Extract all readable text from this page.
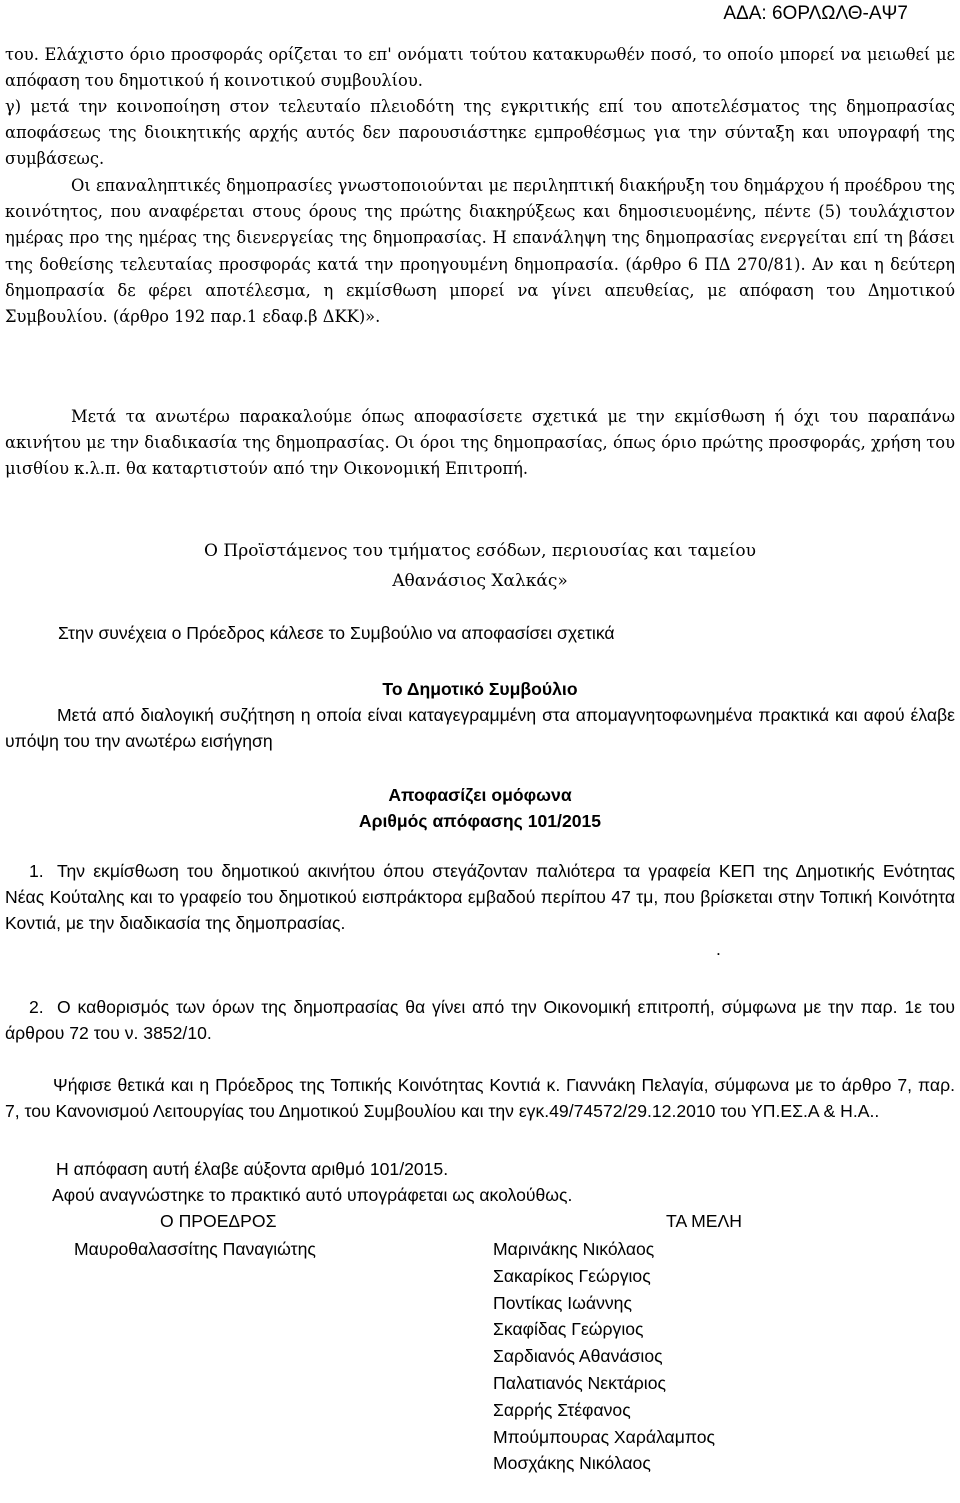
ΑΔΑ: 6ΟΡΛΩΛΘ-ΑΨ7

του. Ελάχιστο όριο προσφοράς ορίζεται το επ' ονόματι τούτου κατακυρωθέν ποσό, το οποίο μπορεί να μειωθεί με απόφαση του δημοτικού ή κοινοτικού συμβουλίου.

γ) μετά την κοινοποίηση στον τελευταίο πλειοδότη της εγκριτικής επί του αποτελέσματος της δημοπρασίας αποφάσεως της διοικητικής αρχής αυτός δεν παρουσιάστηκε εμπροθέσμως για την σύνταξη και υπογραφή της συμβάσεως.

Οι επαναληπτικές δημοπρασίες γνωστοποιούνται με περιληπτική διακήρυξη του δημάρχου ή προέδρου της κοινότητος, που αναφέρεται στους όρους της πρώτης διακηρύξεως και δημοσιευομένης, πέντε (5) τουλάχιστον ημέρας προ της ημέρας της διενεργείας της δημοπρασίας. Η επανάληψη της δημοπρασίας ενεργείται επί τη βάσει της δοθείσης τελευταίας προσφοράς κατά την προηγουμένη δημοπρασία. (άρθρο 6 ΠΔ 270/81). Αν και η δεύτερη δημοπρασία δε φέρει αποτέλεσμα, η εκμίσθωση μπορεί να γίνει απευθείας, με απόφαση του Δημοτικού Συμβουλίου. (άρθρο 192 παρ.1 εδαφ.β ΔΚΚ)».

Μετά τα ανωτέρω παρακαλούμε όπως αποφασίσετε σχετικά με την εκμίσθωση ή όχι του παραπάνω ακινήτου με την διαδικασία της δημοπρασίας. Οι όροι της δημοπρασίας, όπως όριο πρώτης προσφοράς, χρήση του μισθίου κ.λ.π. θα καταρτιστούν από την Οικονομική Επιτροπή.

Ο Προϊστάμενος του τμήματος εσόδων, περιουσίας και ταμείου

Αθανάσιος Χαλκάς»

Στην συνέχεια ο Πρόεδρος κάλεσε το Συμβούλιο να αποφασίσει σχετικά

Το Δημοτικό Συμβούλιο

Μετά από διαλογική συζήτηση η οποία είναι καταγεγραμμένη στα απομαγνητοφωνημένα πρακτικά και αφού έλαβε υπόψη του την ανωτέρω εισήγηση

Αποφασίζει ομόφωνα

Αριθμός απόφασης 101/2015

1. Την εκμίσθωση του δημοτικού ακινήτου όπου στεγάζονταν παλιότερα τα γραφεία ΚΕΠ της Δημοτικής Ενότητας Νέας Κούταλης και το γραφείο του δημοτικού εισπράκτορα εμβαδού περίπου 47 τμ, που βρίσκεται στην Τοπική Κοινότητα Κοντιά, με την διαδικασία της δημοπρασίας.

.

2. Ο καθορισμός των όρων της δημοπρασίας θα γίνει από την Οικονομική επιτροπή, σύμφωνα με την παρ. 1ε του άρθρου 72 του ν. 3852/10.

Ψήφισε θετικά και η Πρόεδρος της Τοπικής Κοινότητας Κοντιά κ. Γιαννάκη Πελαγία, σύμφωνα με το άρθρο 7, παρ. 7, του Κανονισμού Λειτουργίας του Δημοτικού Συμβουλίου και την εγκ.49/74572/29.12.2010 του ΥΠ.ΕΣ.Α & Η.Α..

Η απόφαση αυτή έλαβε αύξοντα αριθμό 101/2015.

Αφού αναγνώστηκε το πρακτικό αυτό υπογράφεται ως ακολούθως.

Ο ΠΡΟΕΔΡΟΣ	ΤΑ ΜΕΛΗ

Μαυροθαλασσίτης Παναγιώτης	Μαρινάκης Νικόλαος
Σακαρίκος Γεώργιος
Ποντίκας Ιωάννης
Σκαφίδας Γεώργιος
Σαρδιανός Αθανάσιος
Παλατιανός Νεκτάριος
Σαρρής Στέφανος
Μπούμπουρας Χαράλαμπος
Μοσχάκης Νικόλαος
